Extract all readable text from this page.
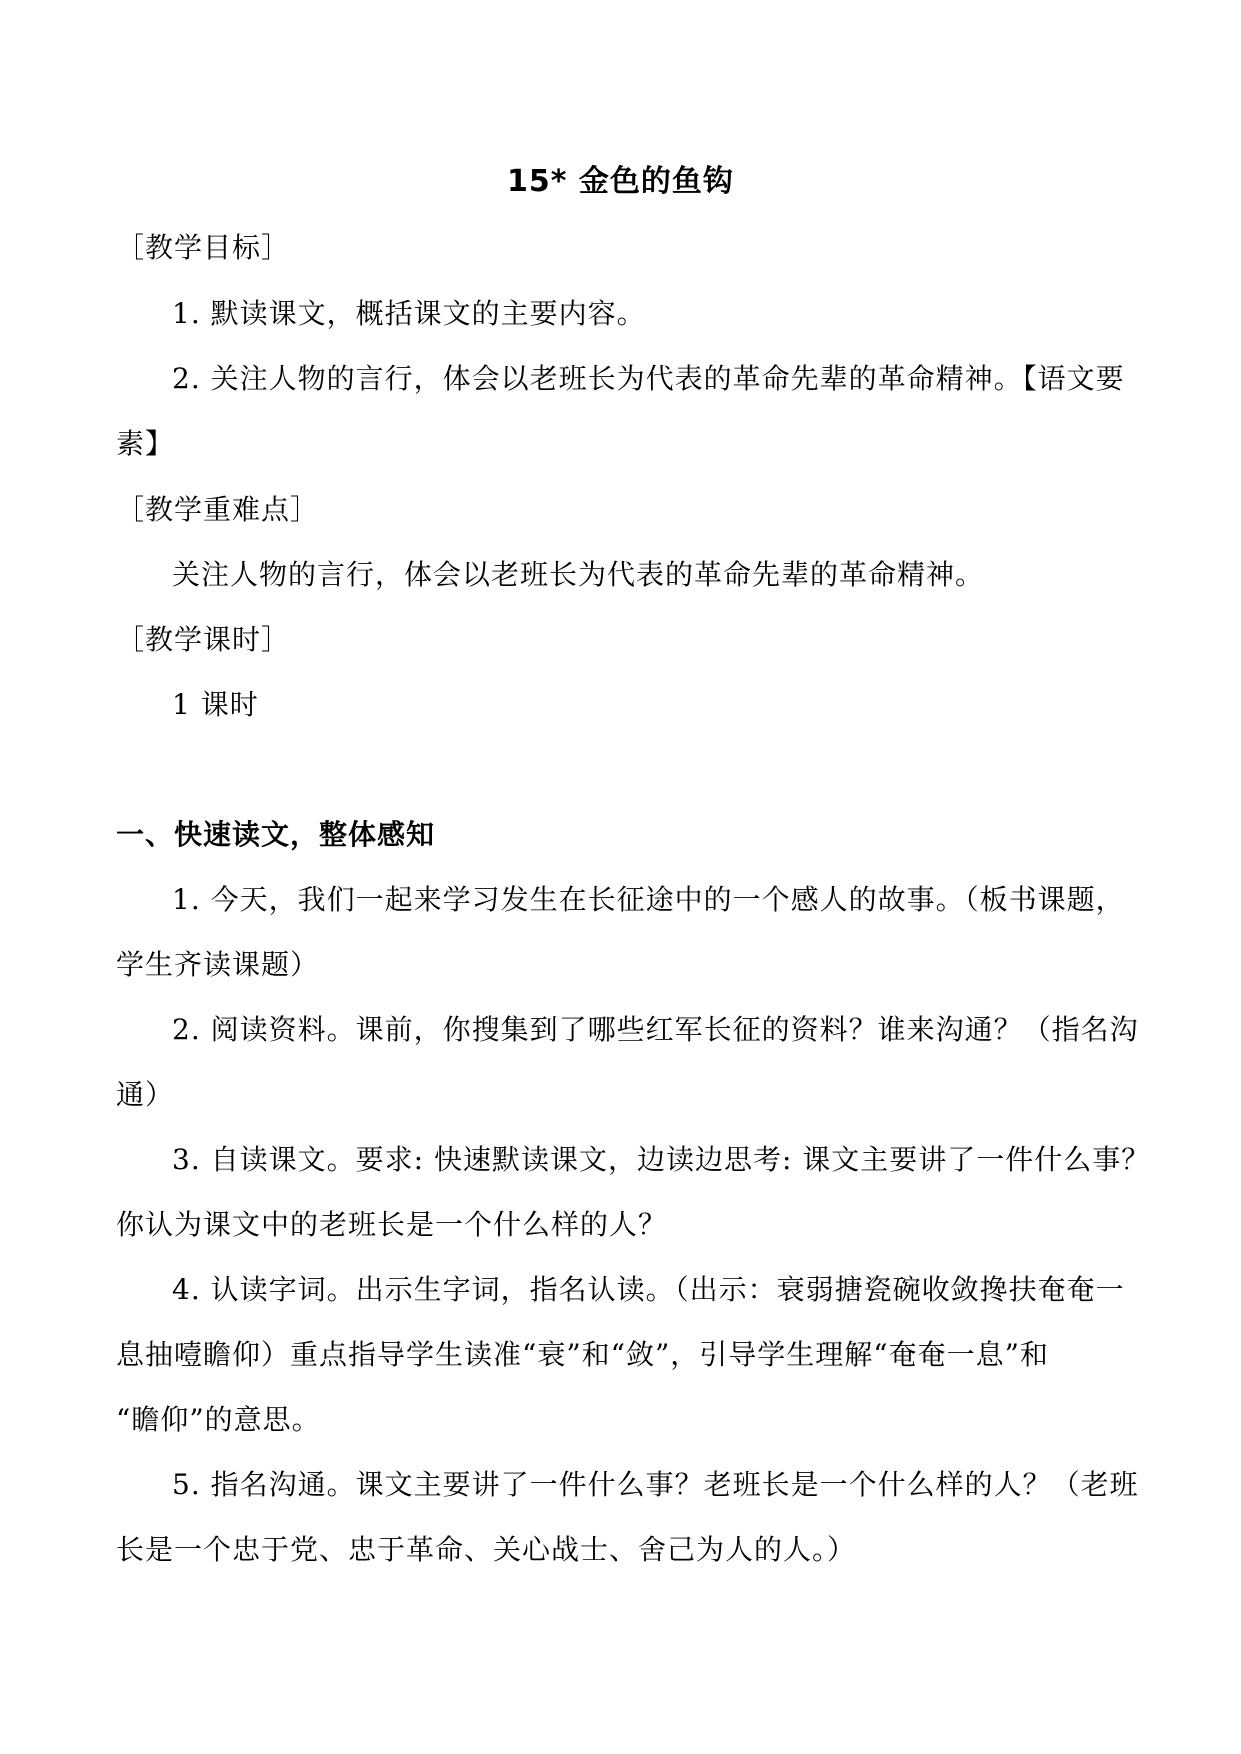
15* 金色的鱼钩
［教学目标］
1. 默读课文，概括课文的主要内容。
2. 关注人物的言行，体会以老班长为代表的革命先辈的革命精神。【语文要
素】
［教学重难点］
关注人物的言行，体会以老班长为代表的革命先辈的革命精神。
［教学课时］
1 课时
一、快速读文，整体感知
1. 今天，我们一起来学习发生在长征途中的一个感人的故事。（板书课题，
学生齐读课题）
2. 阅读资料。课前，你搜集到了哪些红军长征的资料？谁来沟通？（指名沟
通）
3. 自读课文。要求: 快速默读课文，边读边思考: 课文主要讲了一件什么事？
你认为课文中的老班长是一个什么样的人？
4. 认读字词。出示生字词，指名认读。（出示：衰弱搪瓷碗收敛搀扶奄奄一
息抽噎瞻仰）重点指导学生读准“衰”和“敛”，引导学生理解“奄奄一息”和
“瞻仰”的意思。
5. 指名沟通。课文主要讲了一件什么事？老班长是一个什么样的人？（老班
长是一个忠于党、忠于革命、关心战士、舍己为人的人。）
